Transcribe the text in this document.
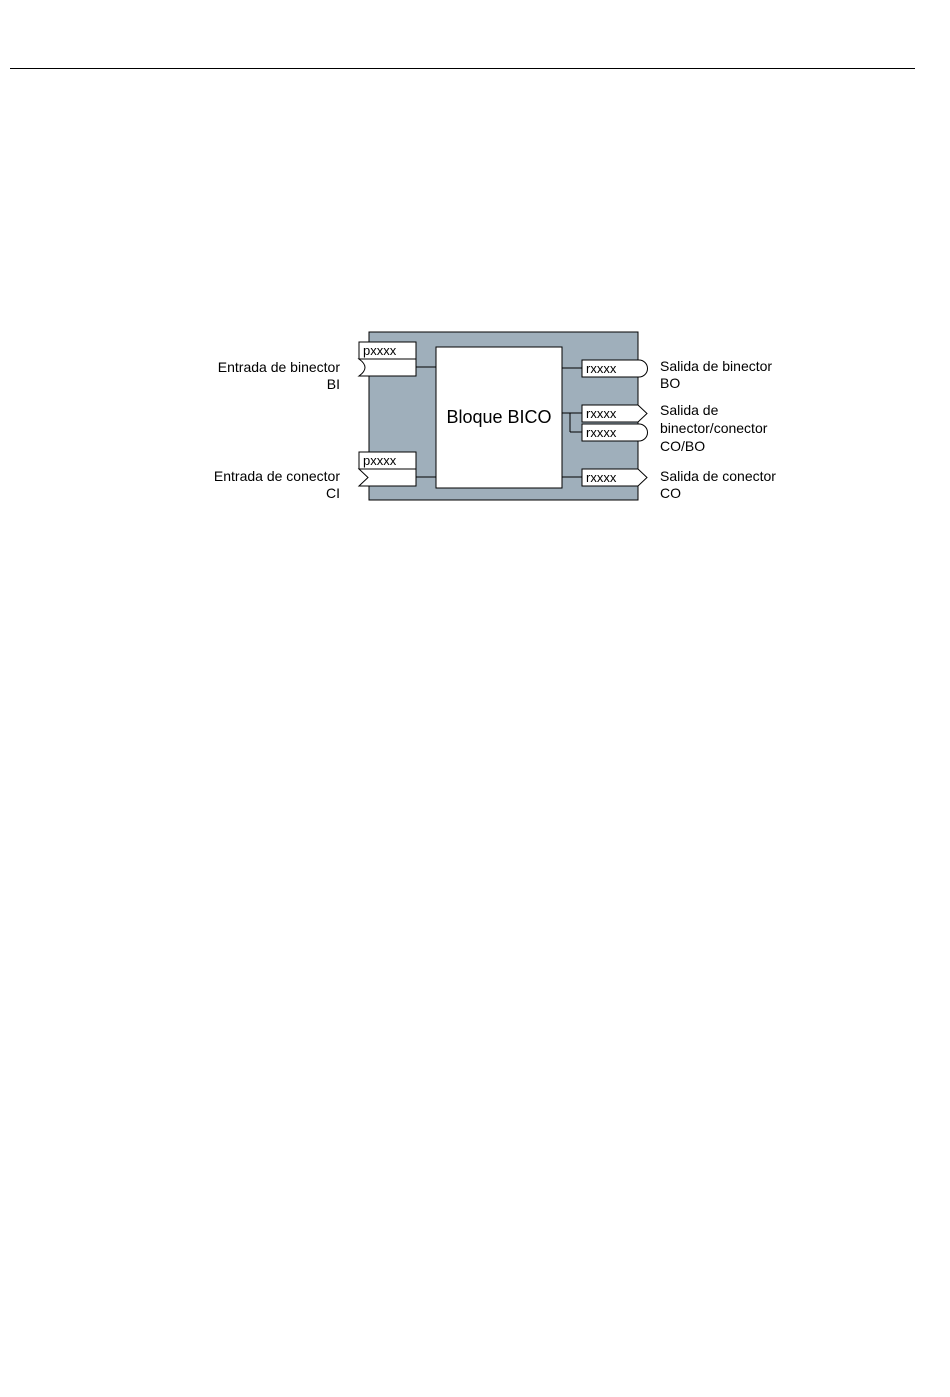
Bloque BICO
pxxxx
Entrada de binector
BI
pxxxx
Entrada de conector
CI
rxxxx	Salida de binector
BO
rxxxx
rxxxx
Salida de
binector/conector
CO/BO
rxxxx	Salida de conector
CO
